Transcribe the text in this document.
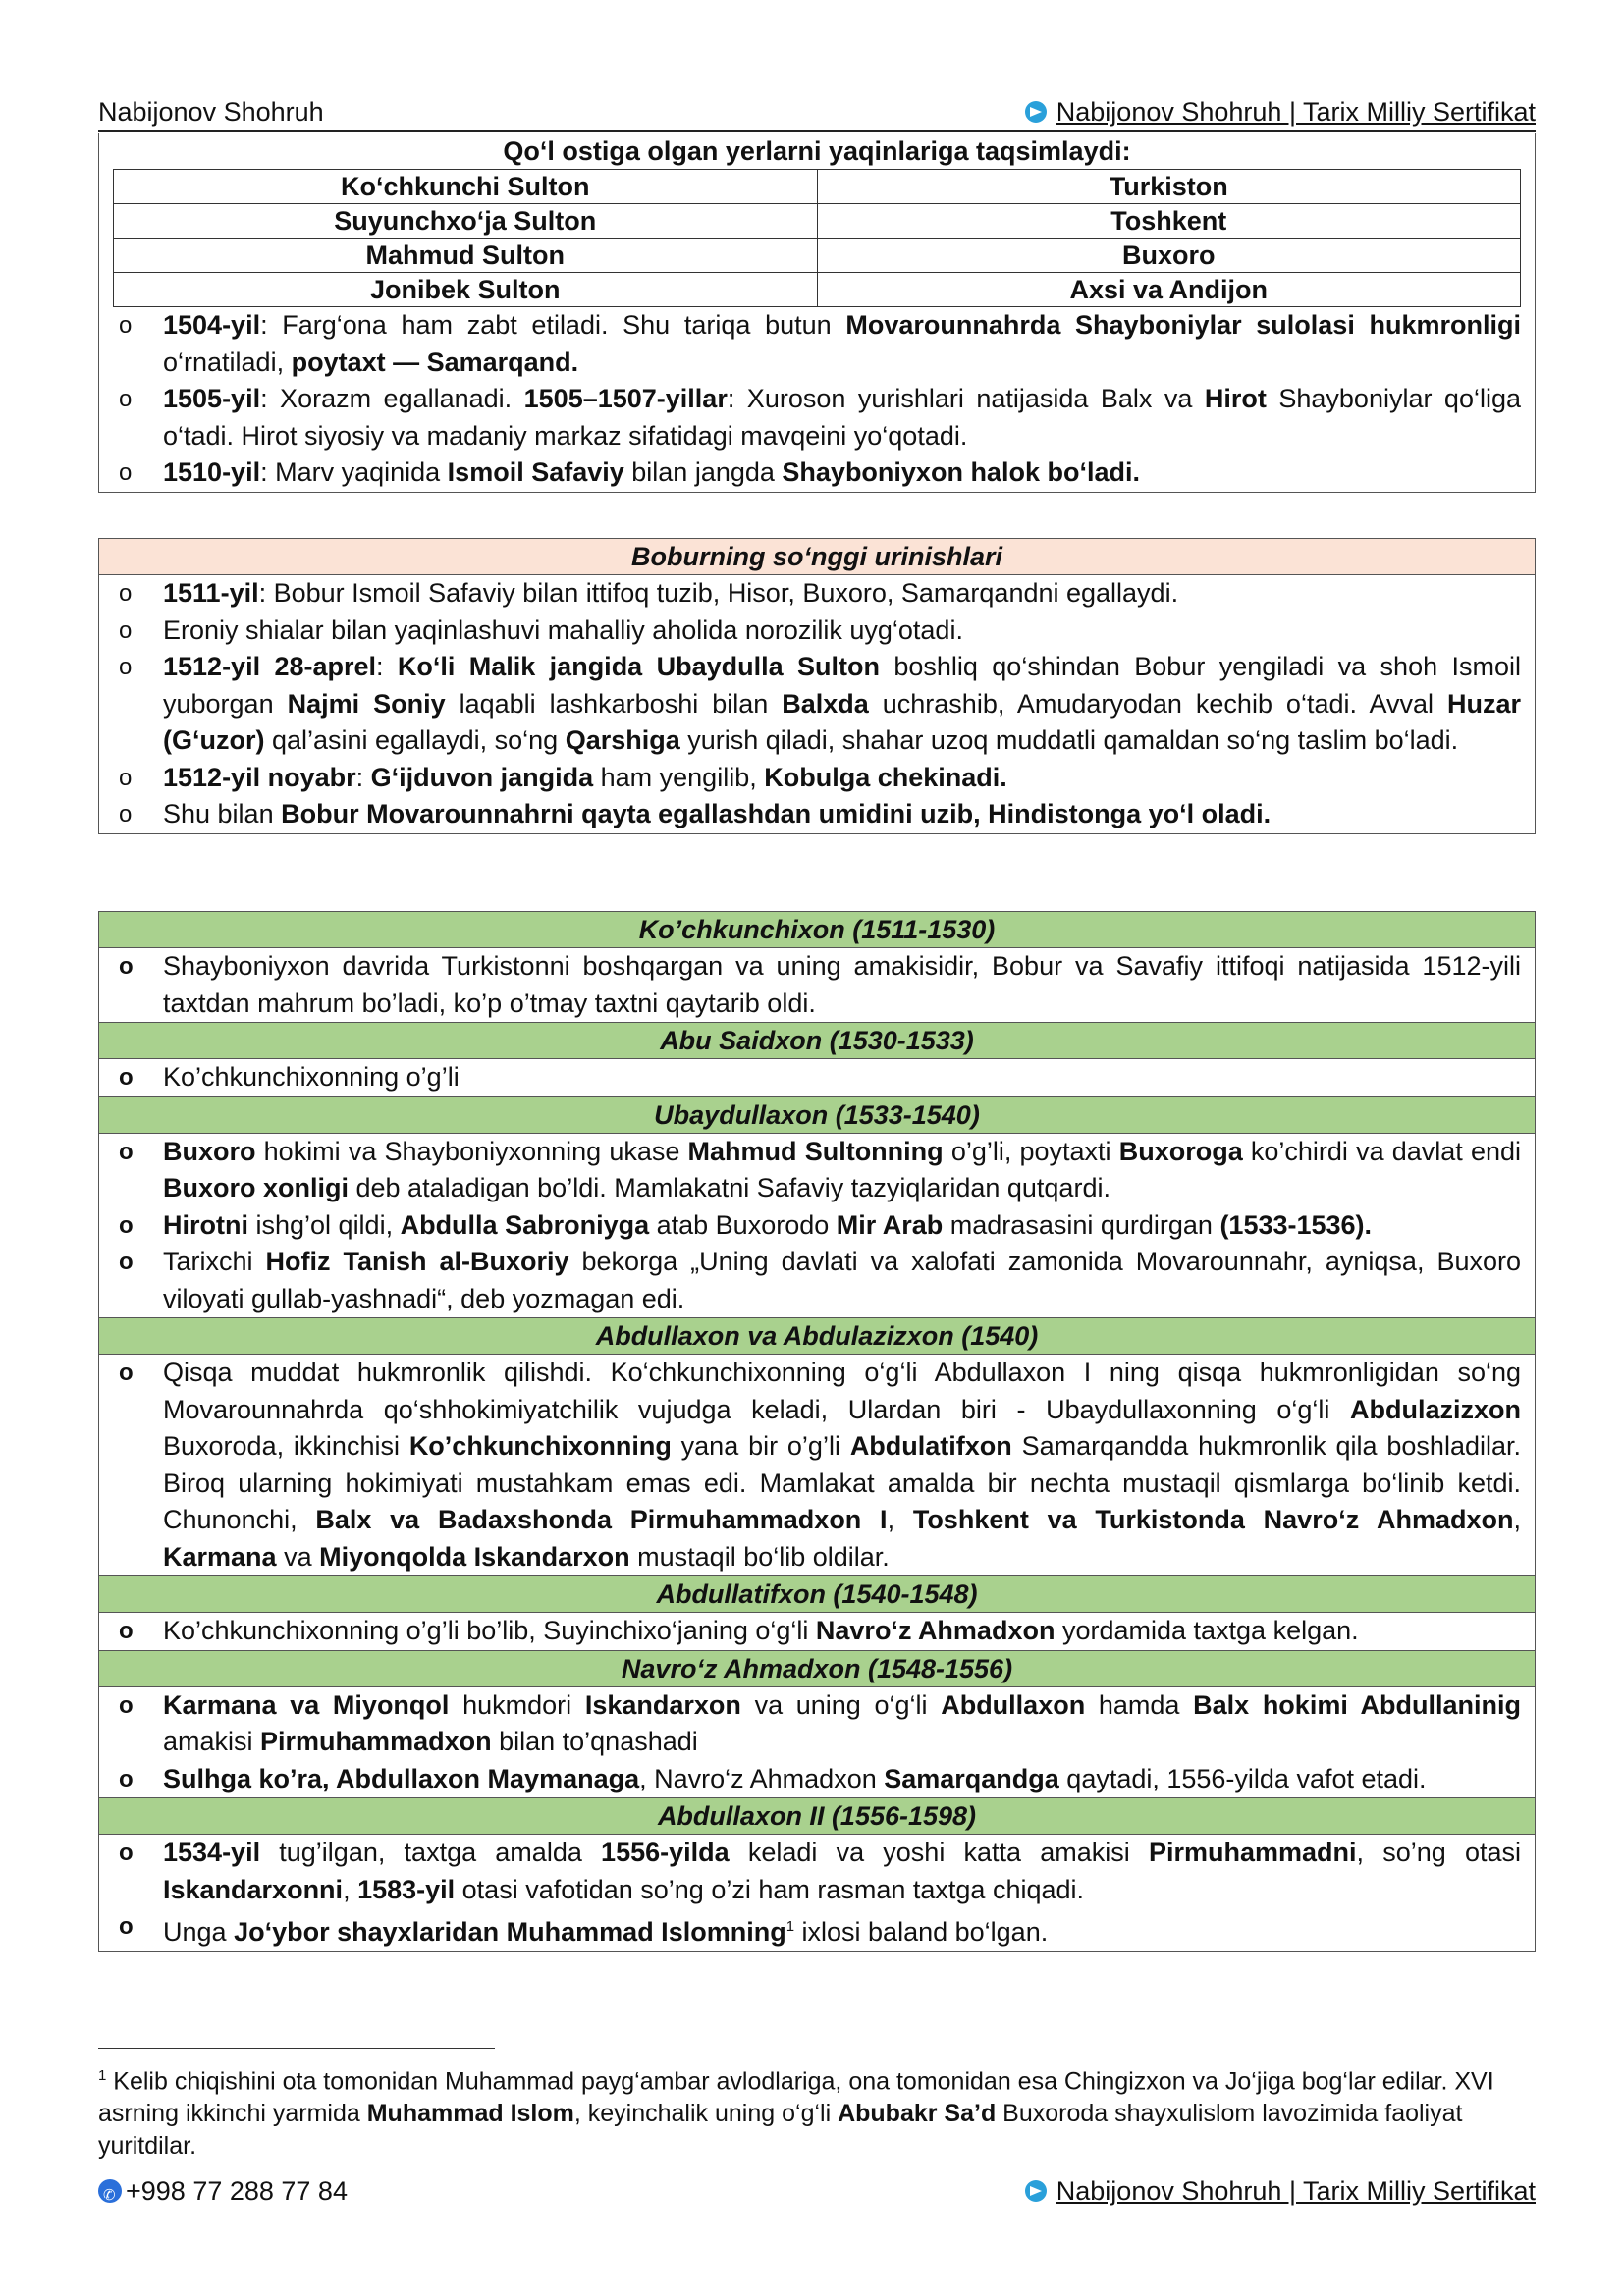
Nabijonov Shohruh	Nabijonov Shohruh | Tarix Milliy Sertifikat
Qo‘l ostiga olgan yerlarni yaqinlariga taqsimlaydi:
Ko‘chkunchi Sulton	Turkiston
Suyunchxo‘ja Sulton	Toshkent
Mahmud Sulton	Buxoro
Jonibek Sulton	Axsi va Andijon
o 1504-yil: Farg‘ona ham zabt etiladi. Shu tariqa butun Movarounnahrda Shayboniylar sulolasi hukmronligi o‘rnatiladi, poytaxt — Samarqand.
o 1505-yil: Xorazm egallanadi. 1505–1507-yillar: Xuroson yurishlari natijasida Balx va Hirot Shayboniylar qo‘liga o‘tadi. Hirot siyosiy va madaniy markaz sifatidagi mavqeini yo‘qotadi.
o 1510-yil: Marv yaqinida Ismoil Safaviy bilan jangda Shayboniyxon halok bo‘ladi.
Boburning so‘nggi urinishlari
o 1511-yil: Bobur Ismoil Safaviy bilan ittifoq tuzib, Hisor, Buxoro, Samarqandni egallaydi.
o Eroniy shialar bilan yaqinlashuvi mahalliy aholida norozilik uyg‘otadi.
o 1512-yil 28-aprel: Ko‘li Malik jangida Ubaydulla Sulton boshliq qo‘shindan Bobur yengiladi va shoh Ismoil yuborgan Najmi Soniy laqabli lashkarboshi bilan Balxda uchrashib, Amudaryodan kechib o‘tadi. Avval Huzar (G‘uzor) qal’asini egallaydi, so‘ng Qarshiga yurish qiladi, shahar uzoq muddatli qamaldan so‘ng taslim bo‘ladi.
o 1512-yil noyabr: G‘ijduvon jangida ham yengilib, Kobulga chekinadi.
o Shu bilan Bobur Movarounnahrni qayta egallashdan umidini uzib, Hindistonga yo‘l oladi.
Ko’chkunchixon (1511-1530)
o Shayboniyxon davrida Turkistonni boshqargan va uning amakisidir, Bobur va Savafiy ittifoqi natijasida 1512-yili taxtdan mahrum bo’ladi, ko’p o’tmay taxtni qaytarib oldi.
Abu Saidxon (1530-1533)
o Ko’chkunchixonning o’g’li
Ubaydullaxon (1533-1540)
o Buxoro hokimi va Shayboniyxonning ukase Mahmud Sultonning o’g’li, poytaxti Buxoroga ko’chirdi va davlat endi Buxoro xonligi deb ataladigan bo’ldi. Mamlakatni Safaviy tazyiqlaridan qutqardi.
o Hirotni ishg’ol qildi, Abdulla Sabroniyga atab Buxorodo Mir Arab madrasasini qurdirgan (1533-1536).
o Tarixchi Hofiz Tanish al-Buxoriy bekorga „Uning davlati va xalofati zamonida Movarounnahr, ayniqsa, Buxoro viloyati gullab-yashnadi“, deb yozmagan edi.
Abdullaxon va Abdulazizxon (1540)
o Qisqa muddat hukmronlik qilishdi. Ko‘chkunchixonning o‘g‘li Abdullaxon I ning qisqa hukmronligidan so‘ng Movarounnahrda qo‘shhokimiyatchilik vujudga keladi, Ulardan biri - Ubaydullaxonning o‘g‘li Abdulazizxon Buxoroda, ikkinchisi Ko’chkunchixonning yana bir o’g’li Abdulatifxon Samarqandda hukmronlik qila boshladilar. Biroq ularning hokimiyati mustahkam emas edi. Mamlakat amalda bir nechta mustaqil qismlarga bo‘linib ketdi. Chunonchi, Balx va Badaxshonda Pirmuhammadxon I, Toshkent va Turkistonda Navro‘z Ahmadxon, Karmana va Miyonqolda Iskandarxon mustaqil bo‘lib oldilar.
Abdullatifxon (1540-1548)
o Ko’chkunchixonning o’g’li bo’lib, Suyinchixo‘janing o‘g‘li Navro‘z Ahmadxon yordamida taxtga kelgan.
Navro‘z Ahmadxon (1548-1556)
o Karmana va Miyonqol hukmdori Iskandarxon va uning o‘g‘li Abdullaxon hamda Balx hokimi Abdullaninig amakisi Pirmuhammadxon bilan to’qnashadi
o Sulhga ko’ra, Abdullaxon Maymanaga, Navro‘z Ahmadxon Samarqandga qaytadi, 1556-yilda vafot etadi.
Abdullaxon II (1556-1598)
o 1534-yil tug’ilgan, taxtga amalda 1556-yilda keladi va yoshi katta amakisi Pirmuhammadni, so’ng otasi Iskandarxonni, 1583-yil otasi vafotidan so’ng o’zi ham rasman taxtga chiqadi.
o Unga Jo‘ybor shayxlaridan Muhammad Islomning$^1$ ixlosi baland bo‘lgan.
$^1$ Kelib chiqishini ota tomonidan Muhammad payg‘ambar avlodlariga, ona tomonidan esa Chingizxon va Jo‘jiga bog‘lar edilar. XVI asrning ikkinchi yarmida Muhammad Islom, keyinchalik uning o‘g‘li Abubakr Sa’d Buxoroda shayxulislom lavozimida faoliyat yuritdilar.
✆+998 77 288 77 84	Nabijonov Shohruh | Tarix Milliy Sertifikat
